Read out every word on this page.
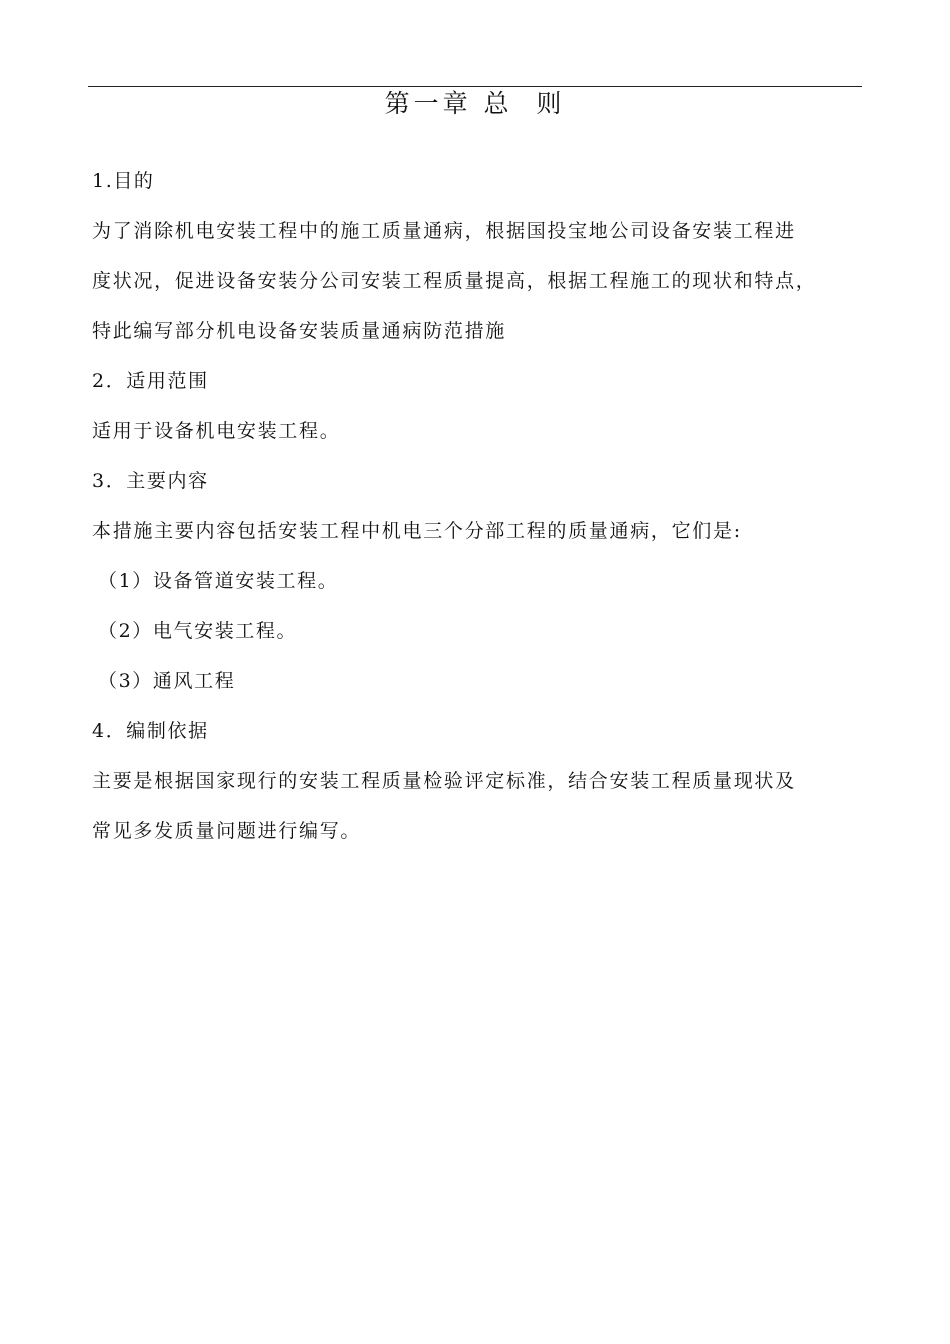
第一章 总  则
1.目的
为了消除机电安装工程中的施工质量通病，根据国投宝地公司设备安装工程进
度状况，促进设备安装分公司安装工程质量提高，根据工程施工的现状和特点，
特此编写部分机电设备安装质量通病防范措施
2．适用范围
适用于设备机电安装工程。
3．主要内容
本措施主要内容包括安装工程中机电三个分部工程的质量通病，它们是:
（1）设备管道安装工程。
（2）电气安装工程。
（3）通风工程
4．编制依据
主要是根据国家现行的安装工程质量检验评定标准，结合安装工程质量现状及
常见多发质量问题进行编写。
